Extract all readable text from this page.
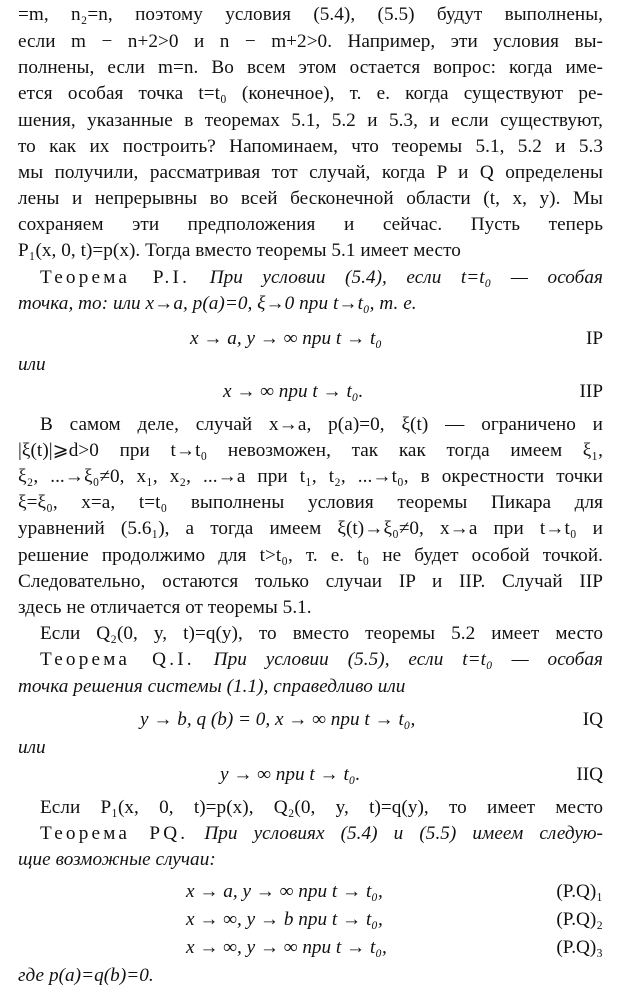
=m, n₂=n, поэтому условия (5.4), (5.5) будут выполнены,
если m − n+2>0 и n − m+2>0. Например, эти условия вы-
полнены, если m=n. Во всем этом остается вопрос: когда име-
ется особая точка t=t₀ (конечное), т. е. когда существуют ре-
шения, указанные в теоремах 5.1, 5.2 и 5.3, и если существуют,
то как их построить? Напоминаем, что теоремы 5.1, 5.2 и 5.3
мы получили, рассматривая тот случай, когда P и Q определены
лены и непрерывны во всей бесконечной области (t, x, y). Мы
сохраняем эти предположения и сейчас. Пусть теперь
P₁(x, 0, t)=p(x). Тогда вместо теоремы 5.1 имеет место
Теорема P.I. При условии (5.4), если t=t₀ — особая
точка, то: или x→a, p(a)=0, ξ→0 при t→t₀, т. е.
x → a, y → ∞ при t → t₀	IP
или
x → ∞ при t → t₀.	IIP
В самом деле, случай x→a, p(a)=0, ξ(t) — ограничено и
|ξ(t)|⩾d>0 при t→t₀ невозможен, так как тогда имеем ξ₁,
ξ₂, ...→ξ₀≠0, x₁, x₂, ...→a при t₁, t₂, ...→t₀, в окрестности точки
ξ=ξ₀, x=a, t=t₀ выполнены условия теоремы Пикара для
уравнений (5.6₁), а тогда имеем ξ(t)→ξ₀≠0, x→a при t→t₀ и
решение продолжимо для t>t₀, т. е. t₀ не будет особой точкой.
Следовательно, остаются только случаи IP и IIP. Случай IIP
здесь не отличается от теоремы 5.1.
Если Q₂(0, y, t)=q(y), то вместо теоремы 5.2 имеет место
Теорема Q.I. При условии (5.5), если t=t₀ — особая
точка решения системы (1.1), справедливо или
y → b, q (b) = 0, x → ∞ при t → t₀,	IQ
или
y → ∞ при t → t₀.	IIQ
Если P₁(x, 0, t)=p(x), Q₂(0, y, t)=q(y), то имеет место
Теорема PQ. При условиях (5.4) и (5.5) имеем следую-
щие возможные случаи:
x → a, y → ∞ при t → t₀,	(P.Q)₁
x → ∞, y → b при t → t₀,	(P.Q)₂
x → ∞, y → ∞ при t → t₀,	(P.Q)₃
где p(a)=q(b)=0.
